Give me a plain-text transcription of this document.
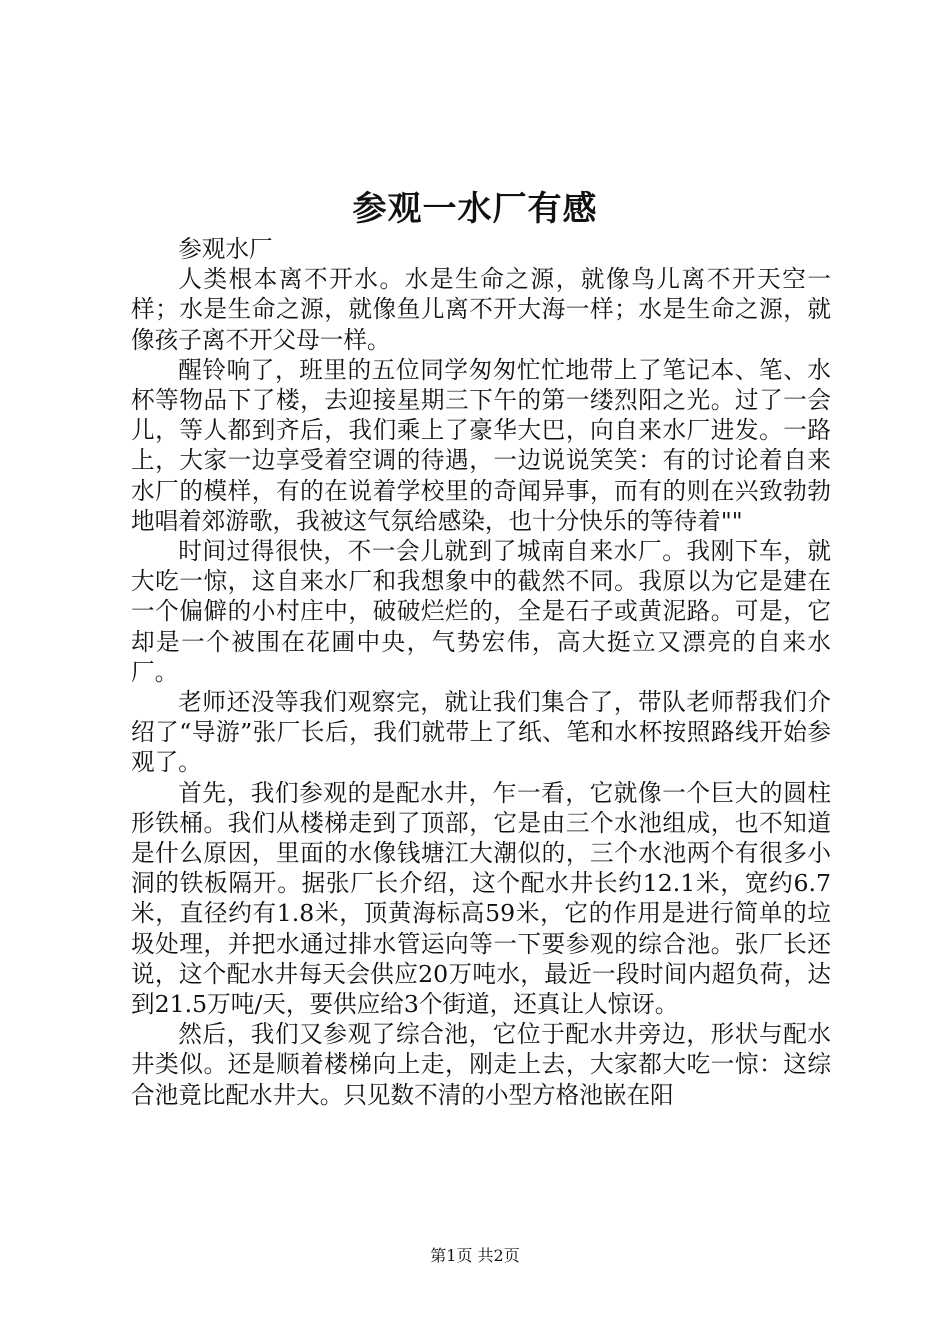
参观一水厂有感

参观水厂

人类根本离不开水。水是生命之源，就像鸟儿离不开天空一样；水是生命之源，就像鱼儿离不开大海一样；水是生命之源，就像孩子离不开父母一样。

醒铃响了，班里的五位同学匆匆忙忙地带上了笔记本、笔、水杯等物品下了楼，去迎接星期三下午的第一缕烈阳之光。过了一会儿，等人都到齐后，我们乘上了豪华大巴，向自来水厂进发。一路上，大家一边享受着空调的待遇，一边说说笑笑：有的讨论着自来水厂的模样，有的在说着学校里的奇闻异事，而有的则在兴致勃勃地唱着郊游歌，我被这气氛给感染，也十分快乐的等待着""

时间过得很快，不一会儿就到了城南自来水厂。我刚下车，就大吃一惊，这自来水厂和我想象中的截然不同。我原以为它是建在一个偏僻的小村庄中，破破烂烂的，全是石子或黄泥路。可是，它却是一个被围在花圃中央，气势宏伟，高大挺立又漂亮的自来水厂。

老师还没等我们观察完，就让我们集合了，带队老师帮我们介绍了“导游”张厂长后，我们就带上了纸、笔和水杯按照路线开始参观了。

首先，我们参观的是配水井，乍一看，它就像一个巨大的圆柱形铁桶。我们从楼梯走到了顶部，它是由三个水池组成，也不知道是什么原因，里面的水像钱塘江大潮似的，三个水池两个有很多小洞的铁板隔开。据张厂长介绍，这个配水井长约12.1米，宽约6.7米，直径约有1.8米，顶黄海标高59米，它的作用是进行简单的垃圾处理，并把水通过排水管运向等一下要参观的综合池。张厂长还说，这个配水井每天会供应20万吨水，最近一段时间内超负荷，达到21.5万吨/天，要供应给3个街道，还真让人惊讶。

然后，我们又参观了综合池，它位于配水井旁边，形状与配水井类似。还是顺着楼梯向上走，刚走上去，大家都大吃一惊：这综合池竟比配水井大。只见数不清的小型方格池嵌在阳

第1页 共2页
